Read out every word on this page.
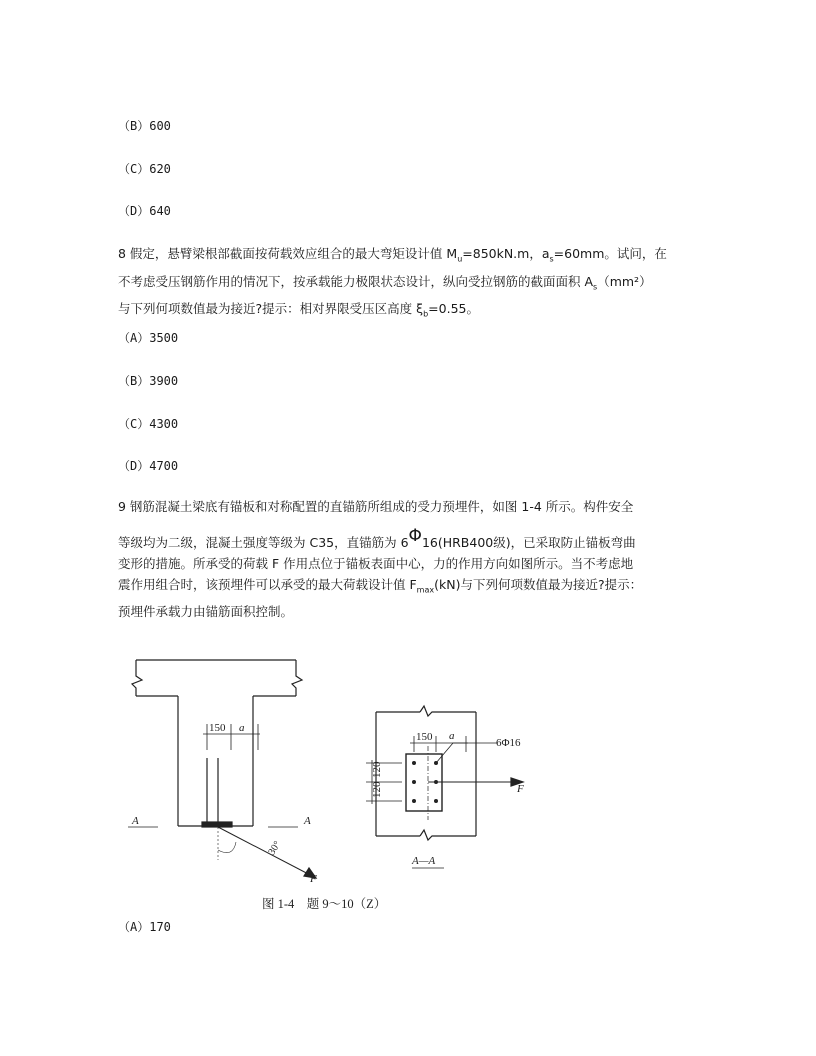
（B）600
（C）620
（D）640
8 假定，悬臂梁根部截面按荷载效应组合的最大弯矩设计值 $M_u=850kN.m$，$a_s=60mm$。试问，在
不考虑受压钢筋作用的情况下，按承载能力极限状态设计，纵向受拉钢筋的截面面积 $A_s(mm^2)$
与下列何项数值最为接近?提示：相对界限受压区高度 $\xi_b=0.55$。
（A）3500
（B）3900
（C）4300
（D）4700
9 钢筋混凝土梁底有锚板和对称配置的直锚筋所组成的受力预埋件，如图 1-4 所示。构件安全
等级均为二级，混凝土强度等级为 C35，直锚筋为 6Φ16(HRB400级)，已采取防止锚板弯曲
变形的措施。所承受的荷载 F 作用点位于锚板表面中心，力的作用方向如图所示。当不考虑地
震作用组合时，该预埋件可以承受的最大荷载设计值 $F_{max}(kN)$与下列何项数值最为接近?提示：
预埋件承载力由锚筋面积控制。
150 a
A	A
30°
F
150 a
6Φ16
120
120	F
A—A
图 1-4　题 9～10（Z）
（A）170
